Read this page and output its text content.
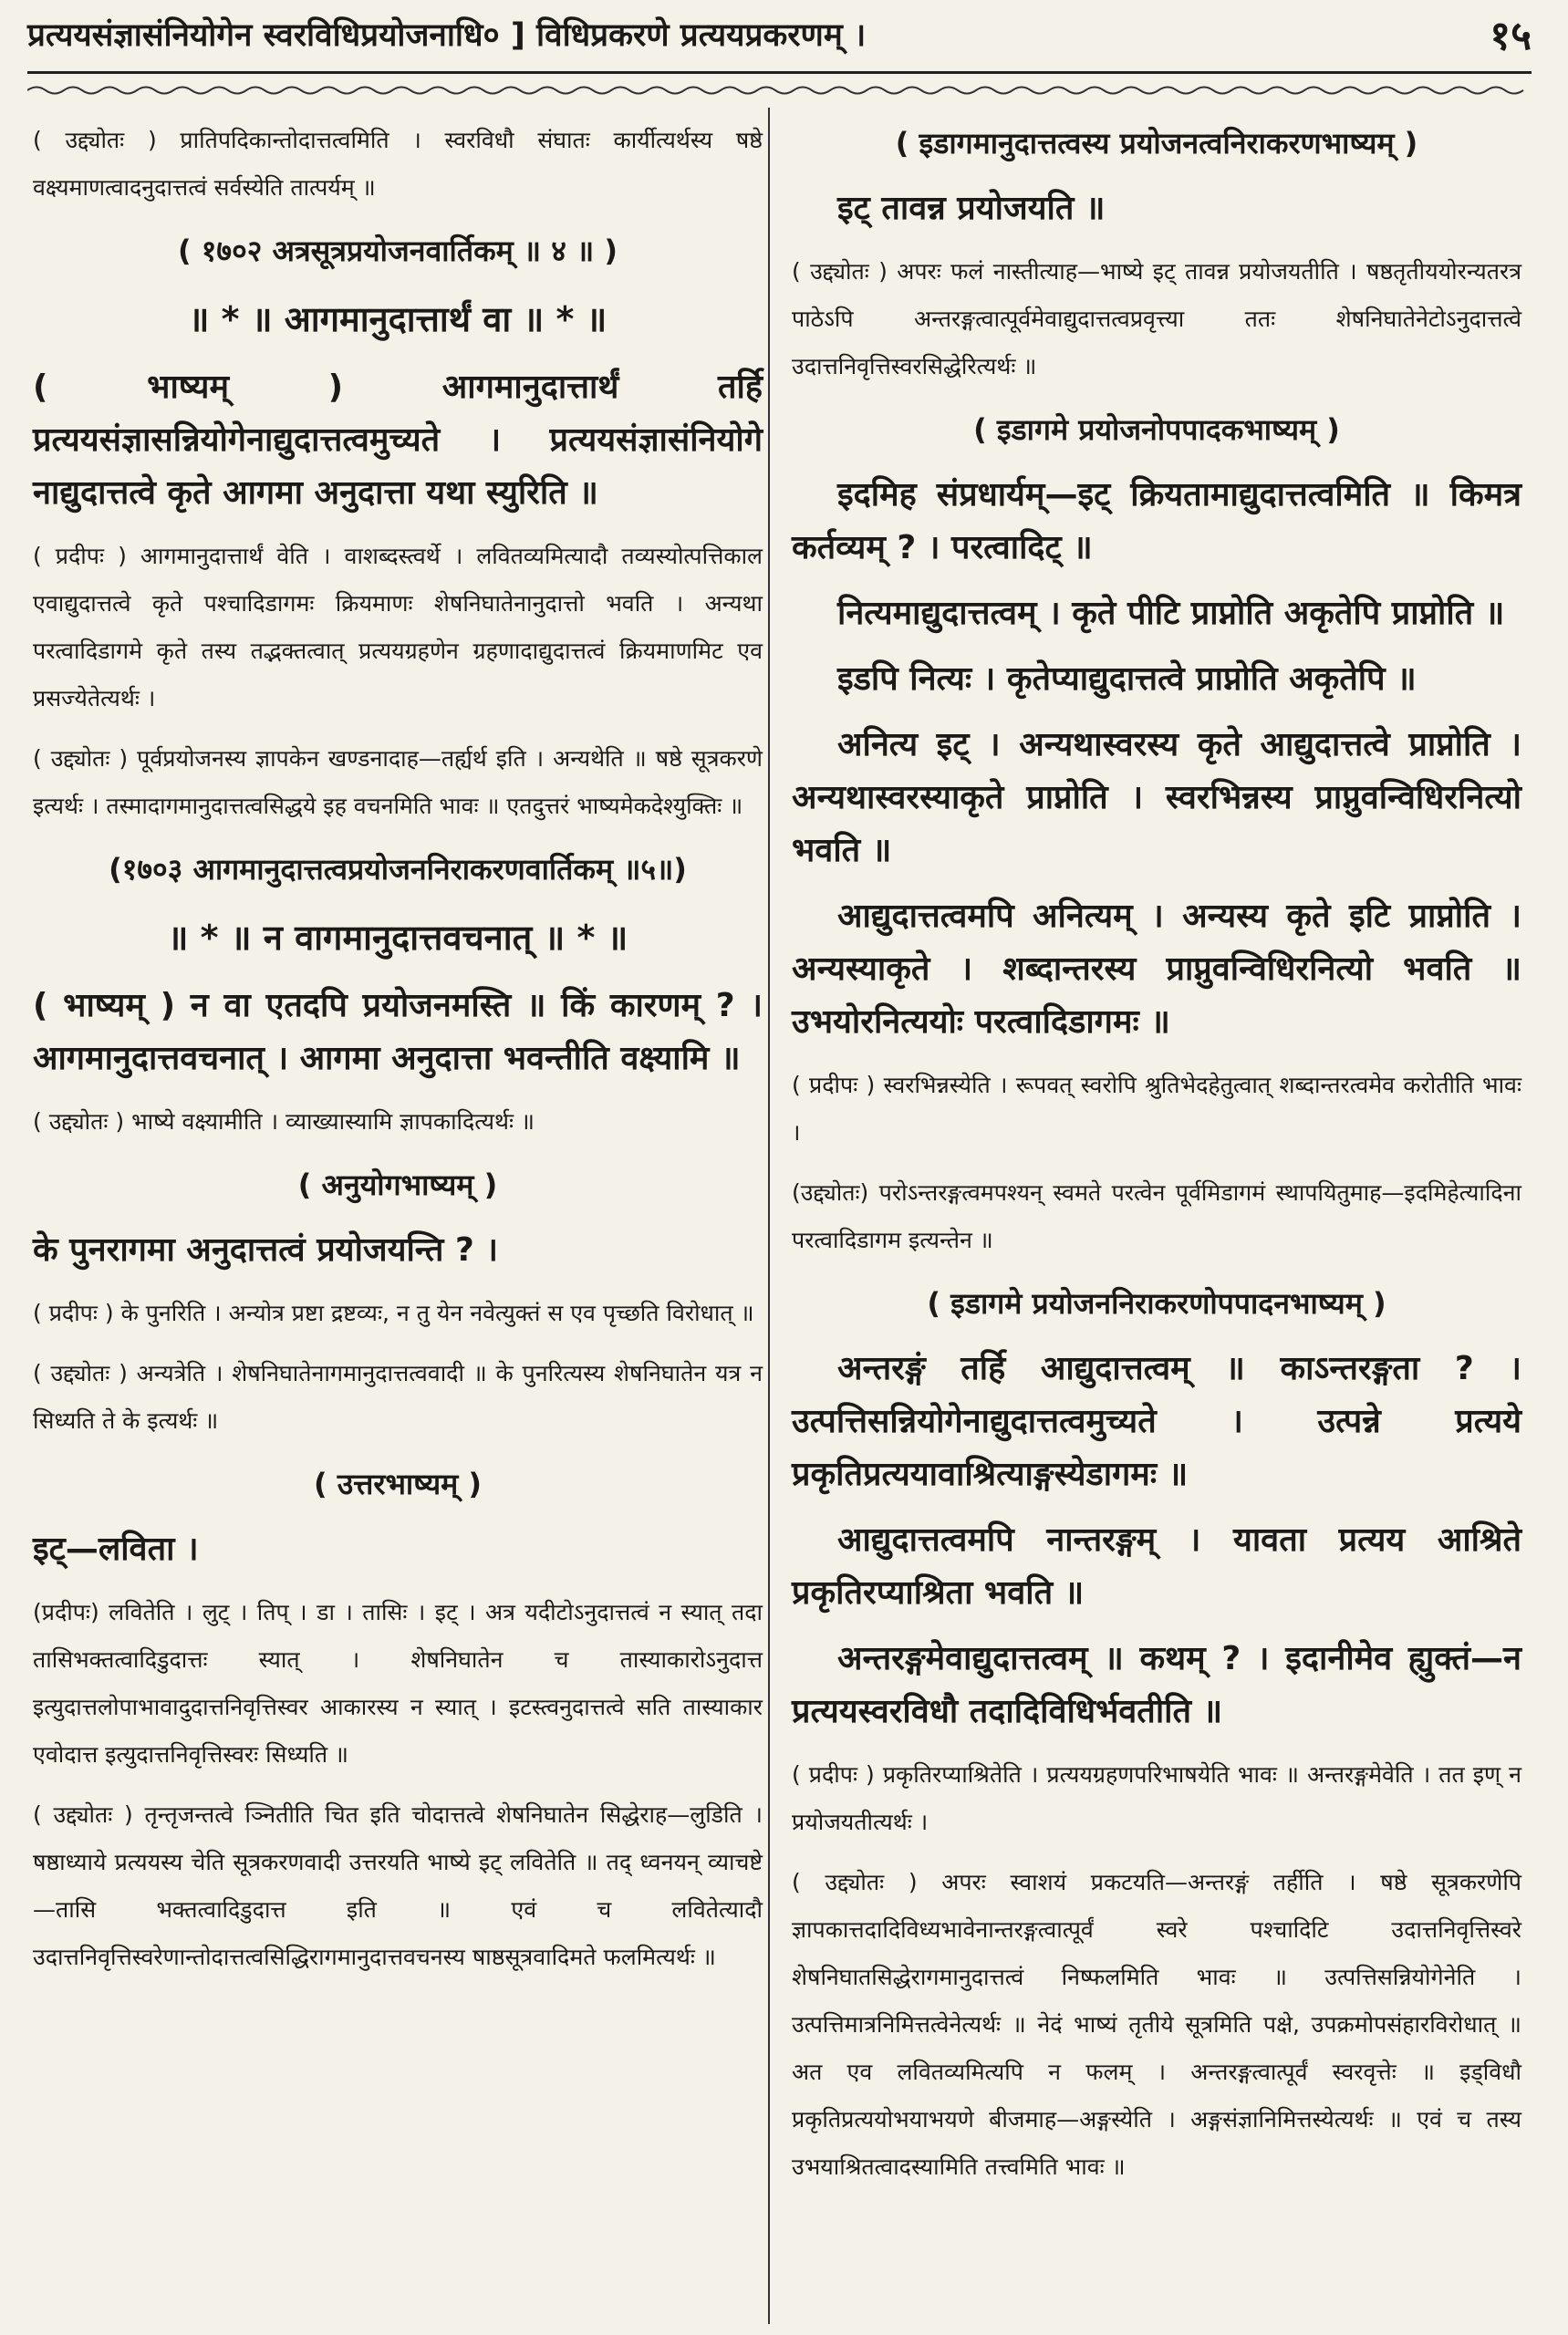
प्रत्ययसंज्ञासंनियोगेन स्वरविधिप्रयोजनाधि० ] विधिप्रकरणे प्रत्ययप्रकरणम् ।	१५
( उद्द्योतः ) प्रातिपदिकान्तोदात्तत्वमिति । स्वरविधौ संघातः कार्यीत्यर्थस्य षष्ठे वक्ष्यमाणत्वादनुदात्तत्वं सर्वस्येति तात्पर्यम् ॥
( १७०२ अत्रसूत्रप्रयोजनवार्तिकम् ॥ ४ ॥ )
॥ * ॥ आगमानुदात्तार्थं वा ॥ * ॥
( भाष्यम् ) आगमानुदात्तार्थं तर्हि प्रत्ययसंज्ञासन्नियोगेनाद्युदात्तत्वमुच्यते । प्रत्ययसंज्ञासंनियोगे नाद्युदात्तत्वे कृते आगमा अनुदात्ता यथा स्युरिति ॥
( प्रदीपः ) आगमानुदात्तार्थं वेति । वाशब्दस्त्वर्थे । लवितव्यमित्यादौ तव्यस्योत्पत्तिकाल एवाद्युदात्तत्वे कृते पश्चादिडागमः क्रियमाणः शेषनिघातेनानुदात्तो भवति । अन्यथा परत्वादिडागमे कृते तस्य तद्भक्तत्वात् प्रत्ययग्रहणेन ग्रहणादाद्युदात्तत्वं क्रियमाणमिट एव प्रसज्येतेत्यर्थः ।
( उद्द्योतः ) पूर्वप्रयोजनस्य ज्ञापकेन खण्डनादाह—तर्ह्यर्थ इति । अन्यथेति ॥ षष्ठे सूत्रकरणे इत्यर्थः । तस्मादागमानुदात्तत्वसिद्धये इह वचनमिति भावः ॥ एतदुत्तरं भाष्यमेकदेश्युक्तिः ॥
(१७०३ आगमानुदात्तत्वप्रयोजननिराकरणवार्तिकम् ॥५॥)
॥ * ॥ न वागमानुदात्तवचनात् ॥ * ॥
( भाष्यम् ) न वा एतदपि प्रयोजनमस्ति ॥ किं कारणम् ? । आगमानुदात्तवचनात् । आगमा अनुदात्ता भवन्तीति वक्ष्यामि ॥
( उद्द्योतः ) भाष्ये वक्ष्यामीति । व्याख्यास्यामि ज्ञापकादित्यर्थः ॥
( अनुयोगभाष्यम् )
के पुनरागमा अनुदात्तत्वं प्रयोजयन्ति ? ।
( प्रदीपः ) के पुनरिति । अन्योत्र प्रष्टा द्रष्टव्यः, न तु येन नवेत्युक्तं स एव पृच्छति विरोधात् ॥
( उद्द्योतः ) अन्यत्रेति । शेषनिघातेनागमानुदात्तत्ववादी ॥ के पुनरित्यस्य शेषनिघातेन यत्र न सिध्यति ते के इत्यर्थः ॥
( उत्तरभाष्यम् )
इट्—लविता ।
(प्रदीपः) लवितेति । लुट् । तिप् । डा । तासिः । इट् । अत्र यदीटोऽनुदात्तत्वं न स्यात् तदा तासिभक्तत्वादिडुदात्तः स्यात् । शेषनिघातेन च तास्याकारोऽनुदात्त इत्युदात्तलोपाभावादुदात्तनिवृत्तिस्वर आकारस्य न स्यात् । इटस्त्वनुदात्तत्वे सति तास्याकार एवोदात्त इत्युदात्तनिवृत्तिस्वरः सिध्यति ॥
( उद्द्योतः ) तृन्तृजन्तत्वे ञ्नितीति चित इति चोदात्तत्वे शेषनिघातेन सिद्धेराह—लुडिति । षष्ठाध्याये प्रत्ययस्य चेति सूत्रकरणवादी उत्तरयति भाष्ये इट् लवितेति ॥ तद् ध्वनयन् व्याचष्टे—तासि भक्तत्वादिडुदात्त इति ॥ एवं च लवितेत्यादौ उदात्तनिवृत्तिस्वरेणान्तोदात्तत्वसिद्धिरागमानुदात्तवचनस्य षाष्ठसूत्रवादिमते फलमित्यर्थः ॥
( इडागमानुदात्तत्वस्य प्रयोजनत्वनिराकरणभाष्यम् )
इट् तावन्न प्रयोजयति ॥
( उद्द्योतः ) अपरः फलं नास्तीत्याह—भाष्ये इट् तावन्न प्रयोजयतीति । षष्ठतृतीययोरन्यतरत्र पाठेऽपि अन्तरङ्गत्वात्पूर्वमेवाद्युदात्तत्वप्रवृत्त्या ततः शेषनिघातेनेटोऽनुदात्तत्वे उदात्तनिवृत्तिस्वरसिद्धेरित्यर्थः ॥
( इडागमे प्रयोजनोपपादकभाष्यम् )
इदमिह संप्रधार्यम्—इट् क्रियतामाद्युदात्तत्वमिति ॥ किमत्र कर्तव्यम् ? । परत्वादिट् ॥
नित्यमाद्युदात्तत्वम् । कृते पीटि प्राप्नोति अकृतेपि प्राप्नोति ॥
इडपि नित्यः । कृतेप्याद्युदात्तत्वे प्राप्नोति अकृतेपि ॥
अनित्य इट् । अन्यथास्वरस्य कृते आद्युदात्तत्वे प्राप्नोति । अन्यथास्वरस्याकृते प्राप्नोति । स्वरभिन्नस्य प्राप्नुवन्विधिरनित्यो भवति ॥
आद्युदात्तत्वमपि अनित्यम् । अन्यस्य कृते इटि प्राप्नोति । अन्यस्याकृते । शब्दान्तरस्य प्राप्नुवन्विधिरनित्यो भवति ॥ उभयोरनित्ययोः परत्वादिडागमः ॥
( प्रदीपः ) स्वरभिन्नस्येति । रूपवत् स्वरोपि श्रुतिभेदहेतुत्वात् शब्दान्तरत्वमेव करोतीति भावः ।
(उद्द्योतः) परोऽन्तरङ्गत्वमपश्यन् स्वमते परत्वेन पूर्वमिडागमं स्थापयितुमाह—इदमिहेत्यादिना परत्वादिडागम इत्यन्तेन ॥
( इडागमे प्रयोजननिराकरणोपपादनभाष्यम् )
अन्तरङ्गं तर्हि आद्युदात्तत्वम् ॥ काऽन्तरङ्गता ? । उत्पत्तिसन्नियोगेनाद्युदात्तत्वमुच्यते । उत्पन्ने प्रत्यये प्रकृतिप्रत्ययावाश्रित्याङ्गस्येडागमः ॥
आद्युदात्तत्वमपि नान्तरङ्गम् । यावता प्रत्यय आश्रिते प्रकृतिरप्याश्रिता भवति ॥
अन्तरङ्गमेवाद्युदात्तत्वम् ॥ कथम् ? । इदानीमेव ह्युक्तं—न प्रत्ययस्वरविधौ तदादिविधिर्भवतीति ॥
( प्रदीपः ) प्रकृतिरप्याश्रितेति । प्रत्ययग्रहणपरिभाषयेति भावः ॥ अन्तरङ्गमेवेति । तत इण् न प्रयोजयतीत्यर्थः ।
( उद्द्योतः ) अपरः स्वाशयं प्रकटयति—अन्तरङ्गं तर्हीति । षष्ठे सूत्रकरणेपि ज्ञापकात्तदादिविध्यभावेनान्तरङ्गत्वात्पूर्वं स्वरे पश्चादिटि उदात्तनिवृत्तिस्वरे शेषनिघातसिद्धेरागमानुदात्तत्वं निष्फलमिति भावः ॥ उत्पत्तिसन्नियोगेनेति । उत्पत्तिमात्रनिमित्तत्वेनेत्यर्थः ॥ नेदं भाष्यं तृतीये सूत्रमिति पक्षे, उपक्रमोपसंहारविरोधात् ॥ अत एव लवितव्यमित्यपि न फलम् । अन्तरङ्गत्वात्पूर्वं स्वरवृत्तेः ॥ इड्विधौ प्रकृतिप्रत्ययोभयाभयणे बीजमाह—अङ्गस्येति । अङ्गसंज्ञानिमित्तस्येत्यर्थः ॥ एवं च तस्य उभयाश्रितत्वादस्यामिति तत्त्वमिति भावः ॥
